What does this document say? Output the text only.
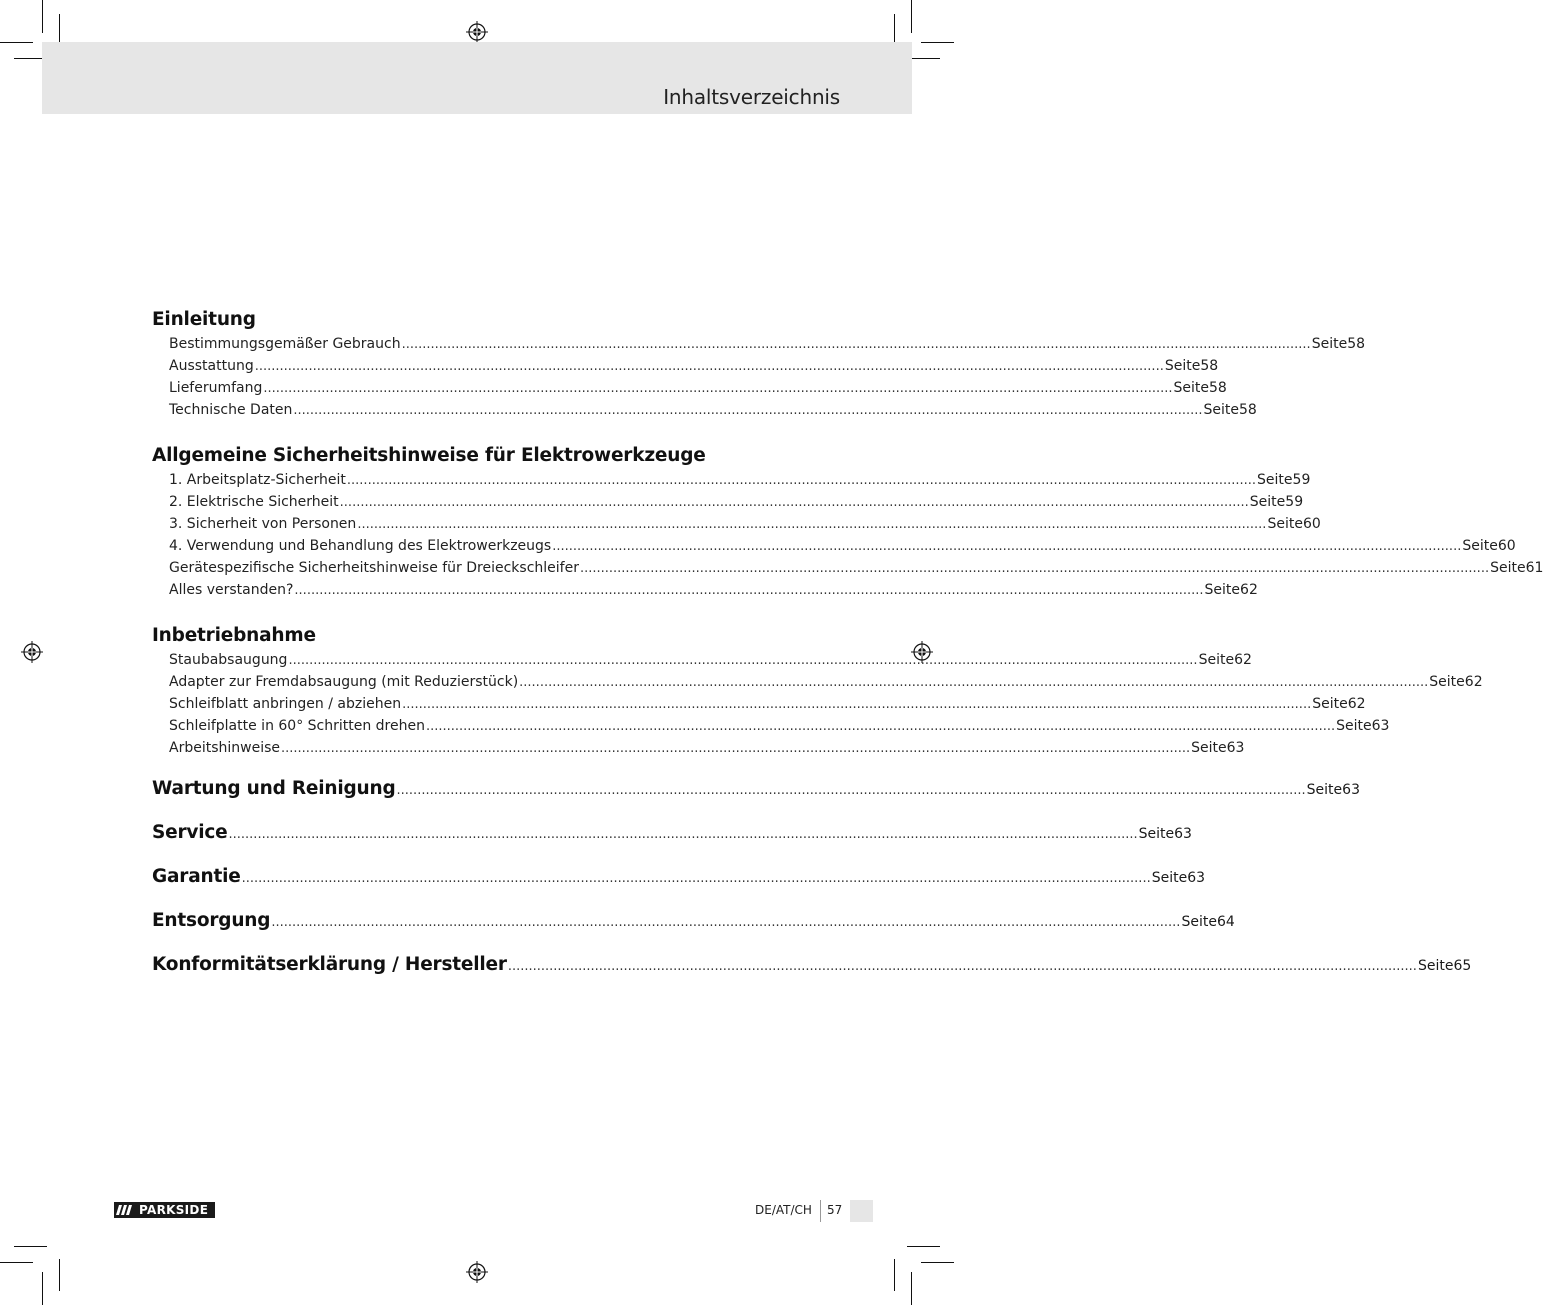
Inhaltsverzeichnis
Einleitung
Bestimmungsgemäßer Gebrauch ............................................................................................................................................................................................................................ Seite 58
Ausstattung ............................................................................................................................................................................................................................ Seite 58
Lieferumfang ............................................................................................................................................................................................................................ Seite 58
Technische Daten ............................................................................................................................................................................................................................ Seite 58
Allgemeine Sicherheitshinweise für Elektrowerkzeuge
1. Arbeitsplatz-Sicherheit ............................................................................................................................................................................................................................ Seite 59
2. Elektrische Sicherheit ............................................................................................................................................................................................................................ Seite 59
3. Sicherheit von Personen ............................................................................................................................................................................................................................ Seite 60
4. Verwendung und Behandlung des Elektrowerkzeugs ............................................................................................................................................................................................................................ Seite 60
Gerätespezifische Sicherheitshinweise für Dreieckschleifer ............................................................................................................................................................................................................................ Seite 61
Alles verstanden? ............................................................................................................................................................................................................................ Seite 62
Inbetriebnahme
Staubabsaugung ............................................................................................................................................................................................................................ Seite 62
Adapter zur Fremdabsaugung (mit Reduzierstück) ............................................................................................................................................................................................................................ Seite 62
Schleifblatt anbringen / abziehen ............................................................................................................................................................................................................................ Seite 62
Schleifplatte in 60° Schritten drehen ............................................................................................................................................................................................................................ Seite 63
Arbeitshinweise ............................................................................................................................................................................................................................ Seite 63
Wartung und Reinigung ............................................................................................................................................................................................................................ Seite 63
Service ............................................................................................................................................................................................................................ Seite 63
Garantie ............................................................................................................................................................................................................................ Seite 63
Entsorgung ............................................................................................................................................................................................................................ Seite 64
Konformitätserklärung / Hersteller ............................................................................................................................................................................................................................ Seite 65
PARKSIDE	DE/AT/CH 57
